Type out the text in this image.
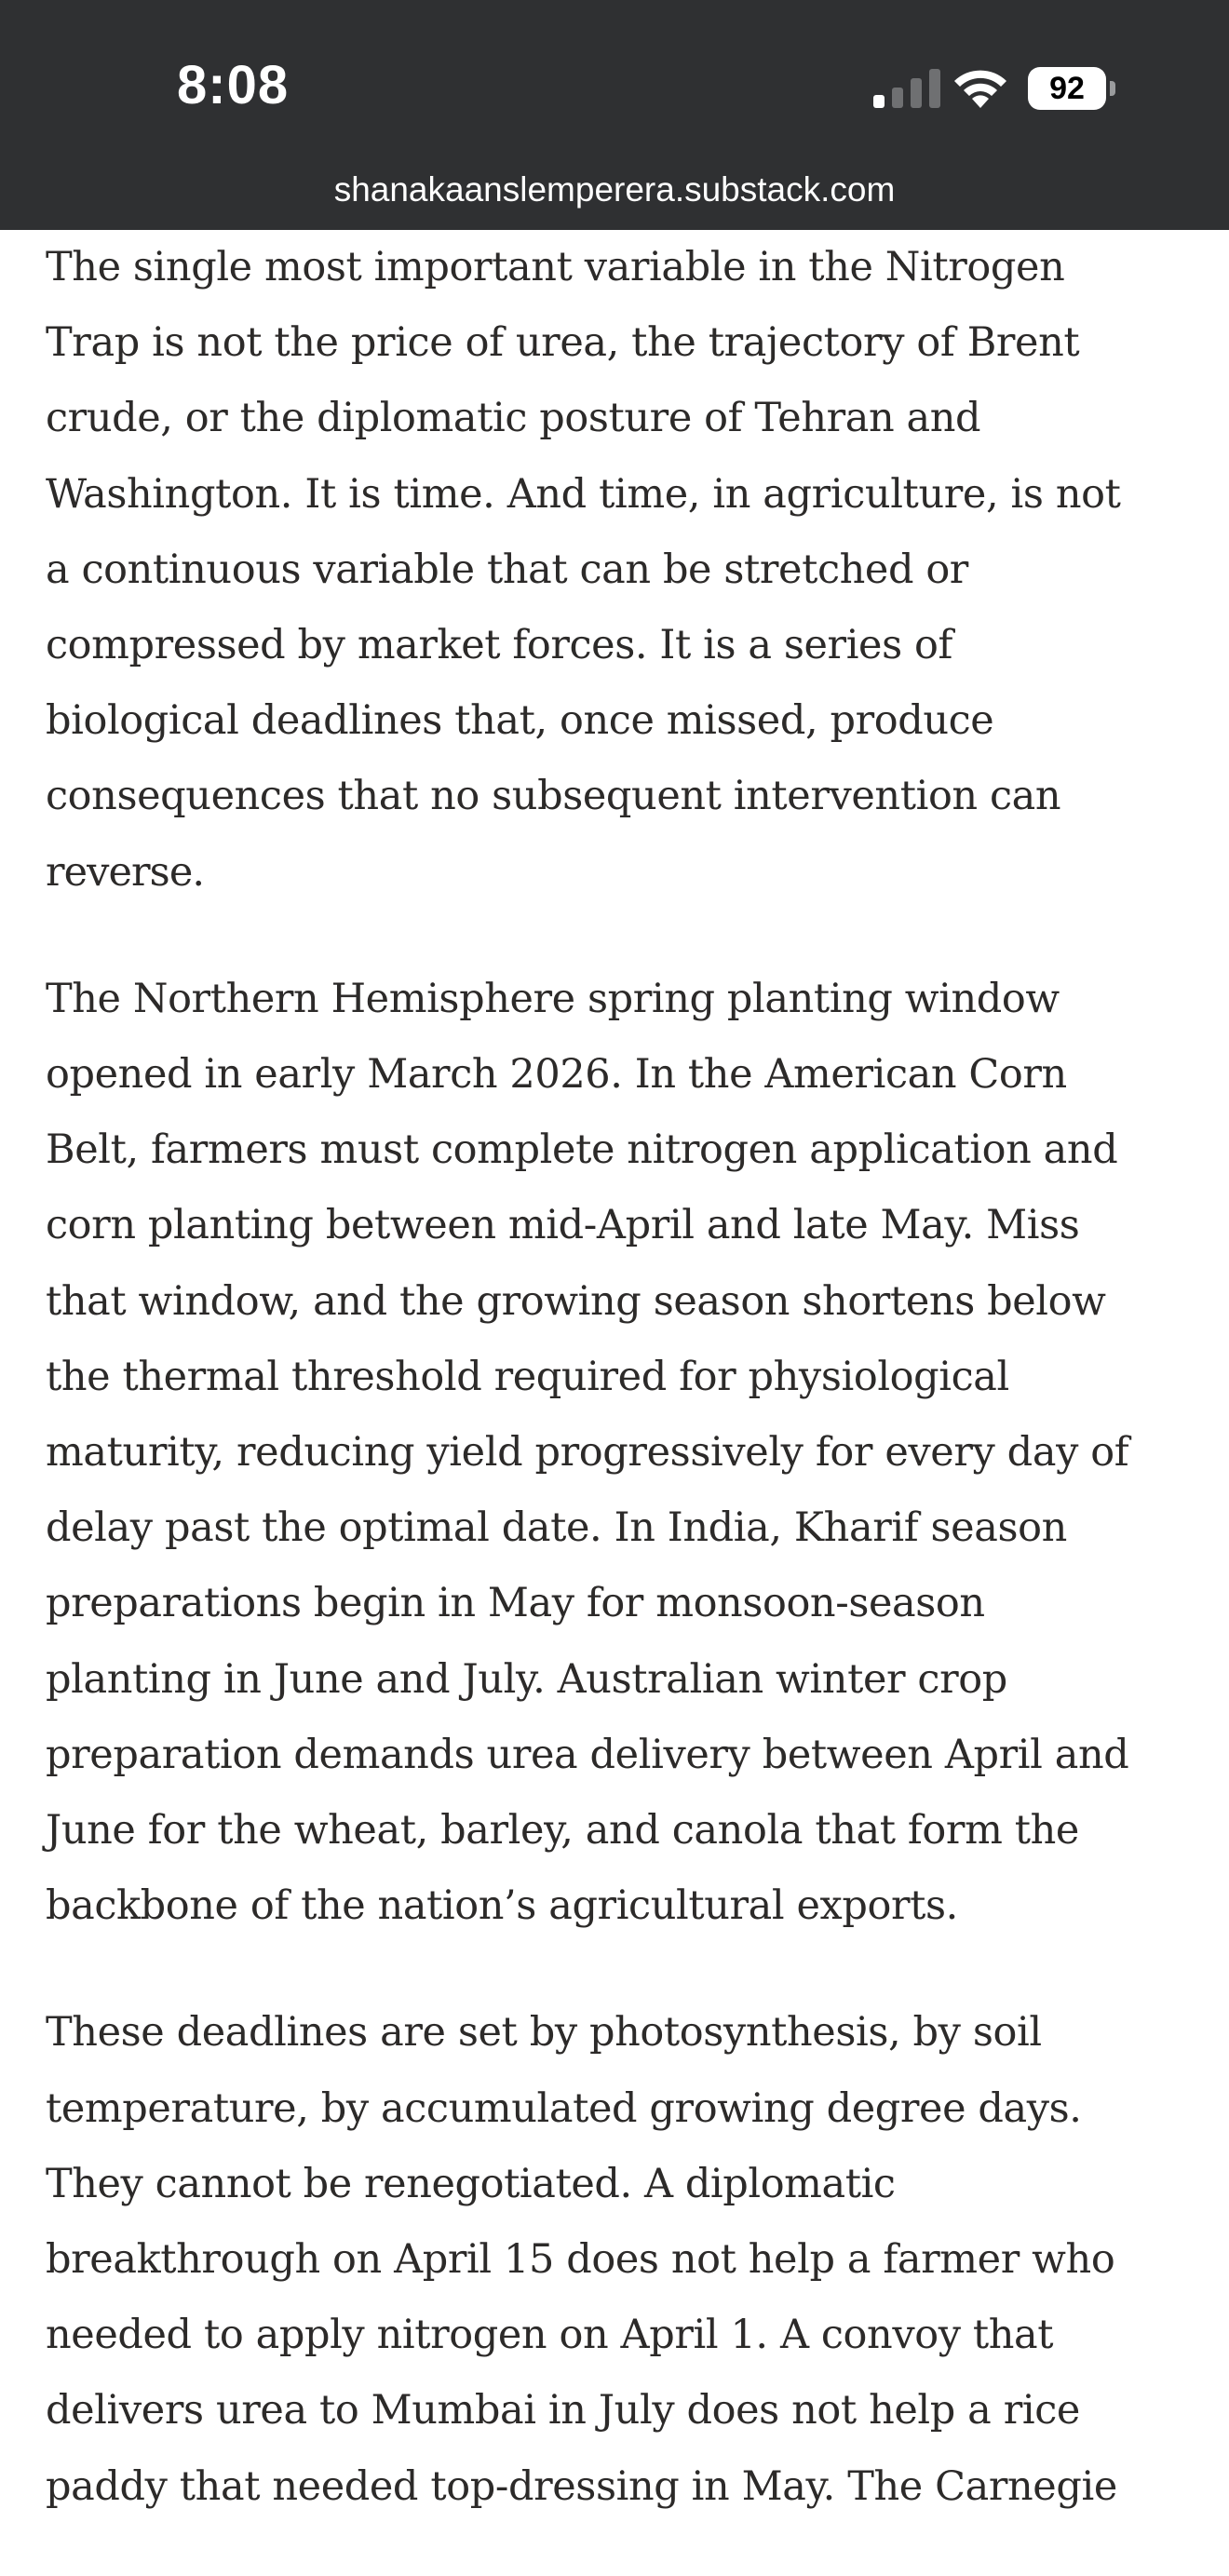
8:08	92
shanakaanslemperera.substack.com

The single most important variable in the Nitrogen
Trap is not the price of urea, the trajectory of Brent
crude, or the diplomatic posture of Tehran and
Washington. It is time. And time, in agriculture, is not
a continuous variable that can be stretched or
compressed by market forces. It is a series of
biological deadlines that, once missed, produce
consequences that no subsequent intervention can
reverse.

The Northern Hemisphere spring planting window
opened in early March 2026. In the American Corn
Belt, farmers must complete nitrogen application and
corn planting between mid-April and late May. Miss
that window, and the growing season shortens below
the thermal threshold required for physiological
maturity, reducing yield progressively for every day of
delay past the optimal date. In India, Kharif season
preparations begin in May for monsoon-season
planting in June and July. Australian winter crop
preparation demands urea delivery between April and
June for the wheat, barley, and canola that form the
backbone of the nation’s agricultural exports.

These deadlines are set by photosynthesis, by soil
temperature, by accumulated growing degree days.
They cannot be renegotiated. A diplomatic
breakthrough on April 15 does not help a farmer who
needed to apply nitrogen on April 1. A convoy that
delivers urea to Mumbai in July does not help a rice
paddy that needed top-dressing in May. The Carnegie
